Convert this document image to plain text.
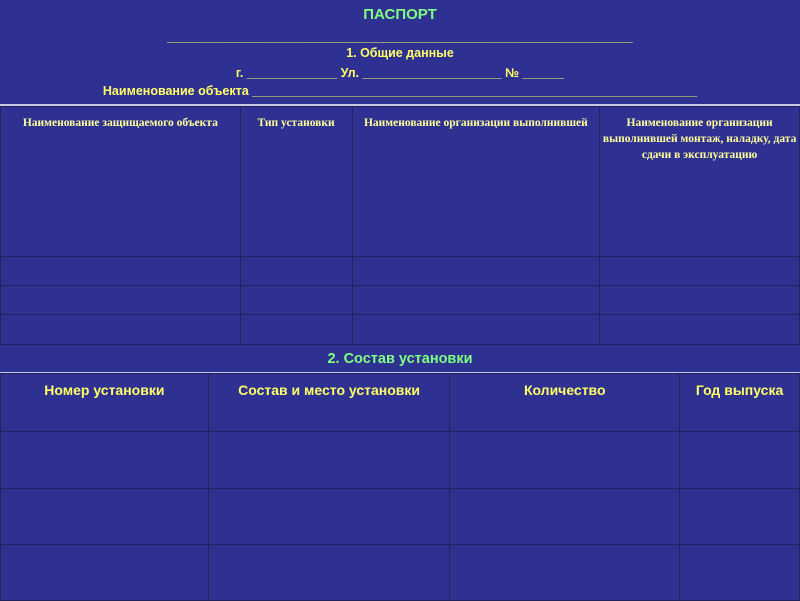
ПАСПОРТ
___________________________________________________________________
1. Общие данные
г. _____________ Ул. ____________________ № ______
Наименование объекта ________________________________________________________________
Наименование защищаемого объекта	Тип установки	Наименование организации выполнившей	Наименование организации выполнившей монтаж, наладку, дата сдачи в эксплуатацию

2. Состав установки
Номер установки	Состав и место установки	Количество	Год выпуска
